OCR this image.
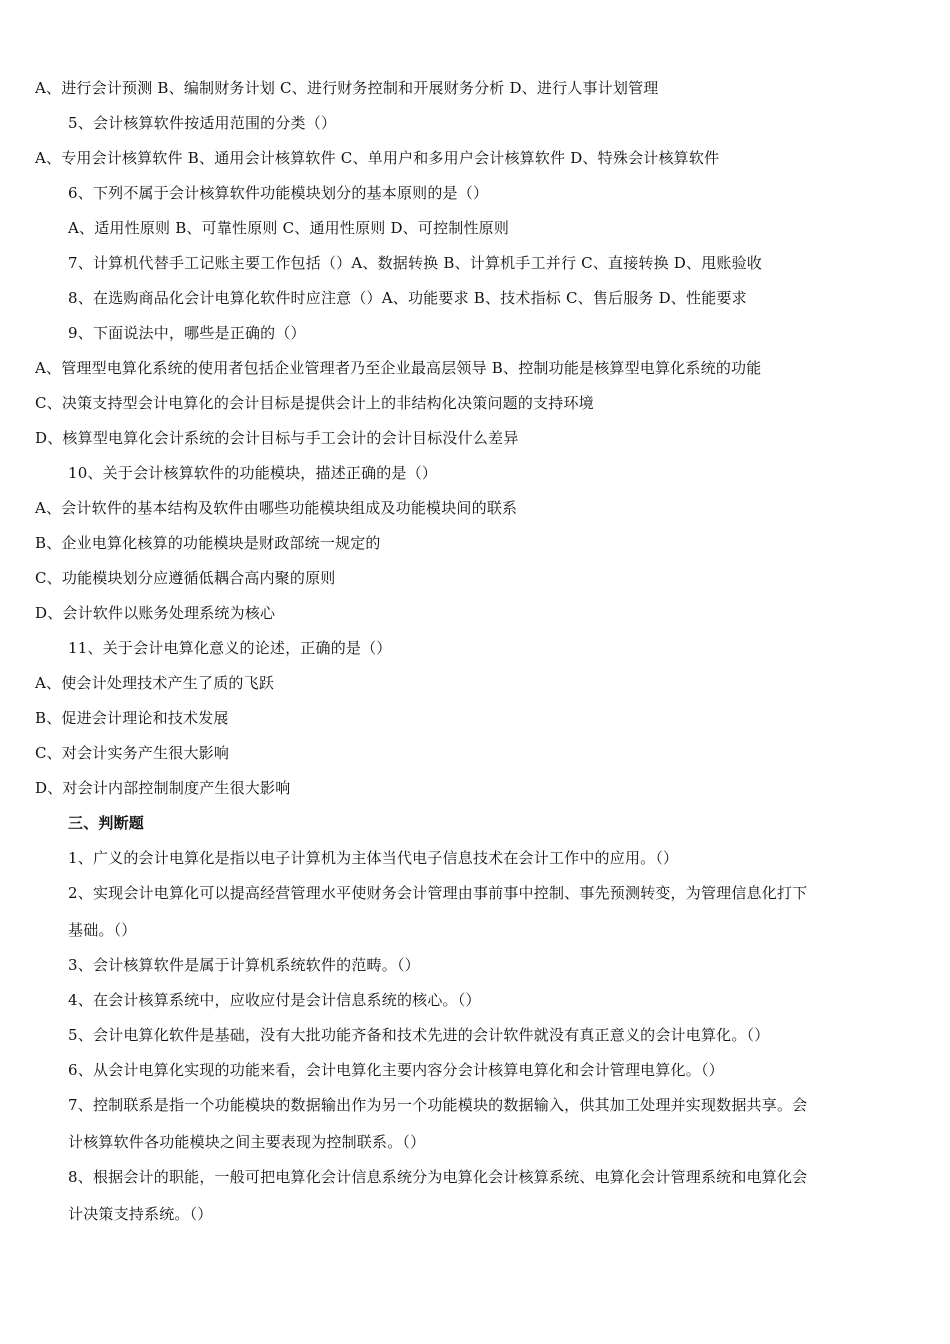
A、进行会计预测 B、编制财务计划 C、进行财务控制和开展财务分析 D、进行人事计划管理
5、会计核算软件按适用范围的分类（）
A、专用会计核算软件 B、通用会计核算软件 C、单用户和多用户会计核算软件 D、特殊会计核算软件
6、下列不属于会计核算软件功能模块划分的基本原则的是（）
A、适用性原则 B、可靠性原则 C、通用性原则 D、可控制性原则
7、计算机代替手工记账主要工作包括（）A、数据转换 B、计算机手工并行 C、直接转换 D、甩账验收
8、在选购商品化会计电算化软件时应注意（）A、功能要求 B、技术指标 C、售后服务 D、性能要求
9、下面说法中，哪些是正确的（）
A、管理型电算化系统的使用者包括企业管理者乃至企业最高层领导 B、控制功能是核算型电算化系统的功能
C、决策支持型会计电算化的会计目标是提供会计上的非结构化决策问题的支持环境
D、核算型电算化会计系统的会计目标与手工会计的会计目标没什么差异
10、关于会计核算软件的功能模块，描述正确的是（）
A、会计软件的基本结构及软件由哪些功能模块组成及功能模块间的联系
B、企业电算化核算的功能模块是财政部统一规定的
C、功能模块划分应遵循低耦合高内聚的原则
D、会计软件以账务处理系统为核心
11、关于会计电算化意义的论述，正确的是（）
A、使会计处理技术产生了质的飞跃
B、促进会计理论和技术发展
C、对会计实务产生很大影响
D、对会计内部控制制度产生很大影响
三、判断题
1、广义的会计电算化是指以电子计算机为主体当代电子信息技术在会计工作中的应用。（）
2、实现会计电算化可以提高经营管理水平使财务会计管理由事前事中控制、事先预测转变，为管理信息化打下
基础。（）
3、会计核算软件是属于计算机系统软件的范畴。（）
4、在会计核算系统中，应收应付是会计信息系统的核心。（）
5、会计电算化软件是基础，没有大批功能齐备和技术先进的会计软件就没有真正意义的会计电算化。（）
6、从会计电算化实现的功能来看，会计电算化主要内容分会计核算电算化和会计管理电算化。（）
7、控制联系是指一个功能模块的数据输出作为另一个功能模块的数据输入，供其加工处理并实现数据共享。会
计核算软件各功能模块之间主要表现为控制联系。（）
8、根据会计的职能，一般可把电算化会计信息系统分为电算化会计核算系统、电算化会计管理系统和电算化会
计决策支持系统。（）
